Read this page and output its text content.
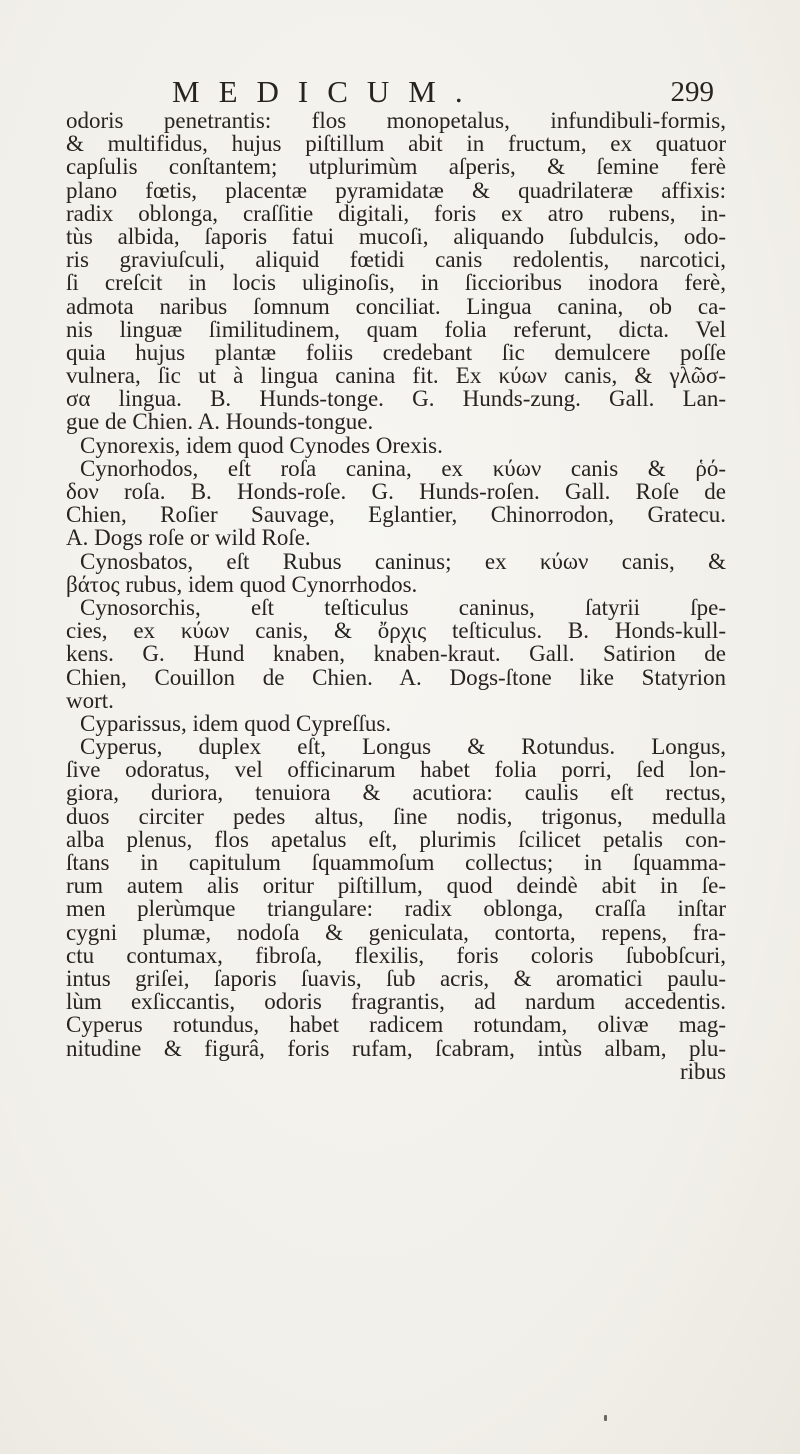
MEDICUM.	299
odoris penetrantis: flos monopetalus, infundibuli-formis,
& multifidus, hujus piſtillum abit in fructum, ex quatuor
capſulis conſtantem; utplurimùm aſperis, & ſemine ferè
plano fœtis, placentæ pyramidatæ & quadrilateræ affixis:
radix oblonga, craſſitie digitali, foris ex atro rubens, in-
tùs albida, ſaporis fatui mucoſi, aliquando ſubdulcis, odo-
ris graviuſculi, aliquid fœtidi canis redolentis, narcotici,
ſi creſcit in locis uliginoſis, in ſiccioribus inodora ferè,
admota naribus ſomnum conciliat. Lingua canina, ob ca-
nis linguæ ſimilitudinem, quam folia referunt, dicta. Vel
quia hujus plantæ foliis credebant ſic demulcere poſſe
vulnera, ſic ut à lingua canina fit. Ex κύων canis, & γλῶσ-
σα lingua. B. Hunds-tonge. G. Hunds-zung. Gall. Lan-
gue de Chien. A. Hounds-tongue.
Cynorexis, idem quod Cynodes Orexis.
Cynorhodos, eſt roſa canina, ex κύων canis & ῥό-
δον roſa. B. Honds-roſe. G. Hunds-roſen. Gall. Roſe de
Chien, Roſier Sauvage, Eglantier, Chinorrodon, Gratecu.
A. Dogs roſe or wild Roſe.
Cynosbatos, eſt Rubus caninus; ex κύων canis, &
βάτος rubus, idem quod Cynorrhodos.
Cynosorchis, eſt teſticulus caninus, ſatyrii ſpe-
cies, ex κύων canis, & ὄρχις teſticulus. B. Honds-kull-
kens. G. Hund knaben, knaben-kraut. Gall. Satirion de
Chien, Couillon de Chien. A. Dogs-ſtone like Statyrion
wort.
Cyparissus, idem quod Cypreſſus.
Cyperus, duplex eſt, Longus & Rotundus. Longus,
ſive odoratus, vel officinarum habet folia porri, ſed lon-
giora, duriora, tenuiora & acutiora: caulis eſt rectus,
duos circiter pedes altus, ſine nodis, trigonus, medulla
alba plenus, flos apetalus eſt, plurimis ſcilicet petalis con-
ſtans in capitulum ſquammoſum collectus; in ſquamma-
rum autem alis oritur piſtillum, quod deindè abit in ſe-
men plerùmque triangulare: radix oblonga, craſſa inſtar
cygni plumæ, nodoſa & geniculata, contorta, repens, fra-
ctu contumax, fibroſa, flexilis, foris coloris ſubobſcuri,
intus griſei, ſaporis ſuavis, ſub acris, & aromatici paulu-
lùm exſiccantis, odoris fragrantis, ad nardum accedentis.
Cyperus rotundus, habet radicem rotundam, olivæ mag-
nitudine & figurâ, foris rufam, ſcabram, intùs albam, plu-
ribus
